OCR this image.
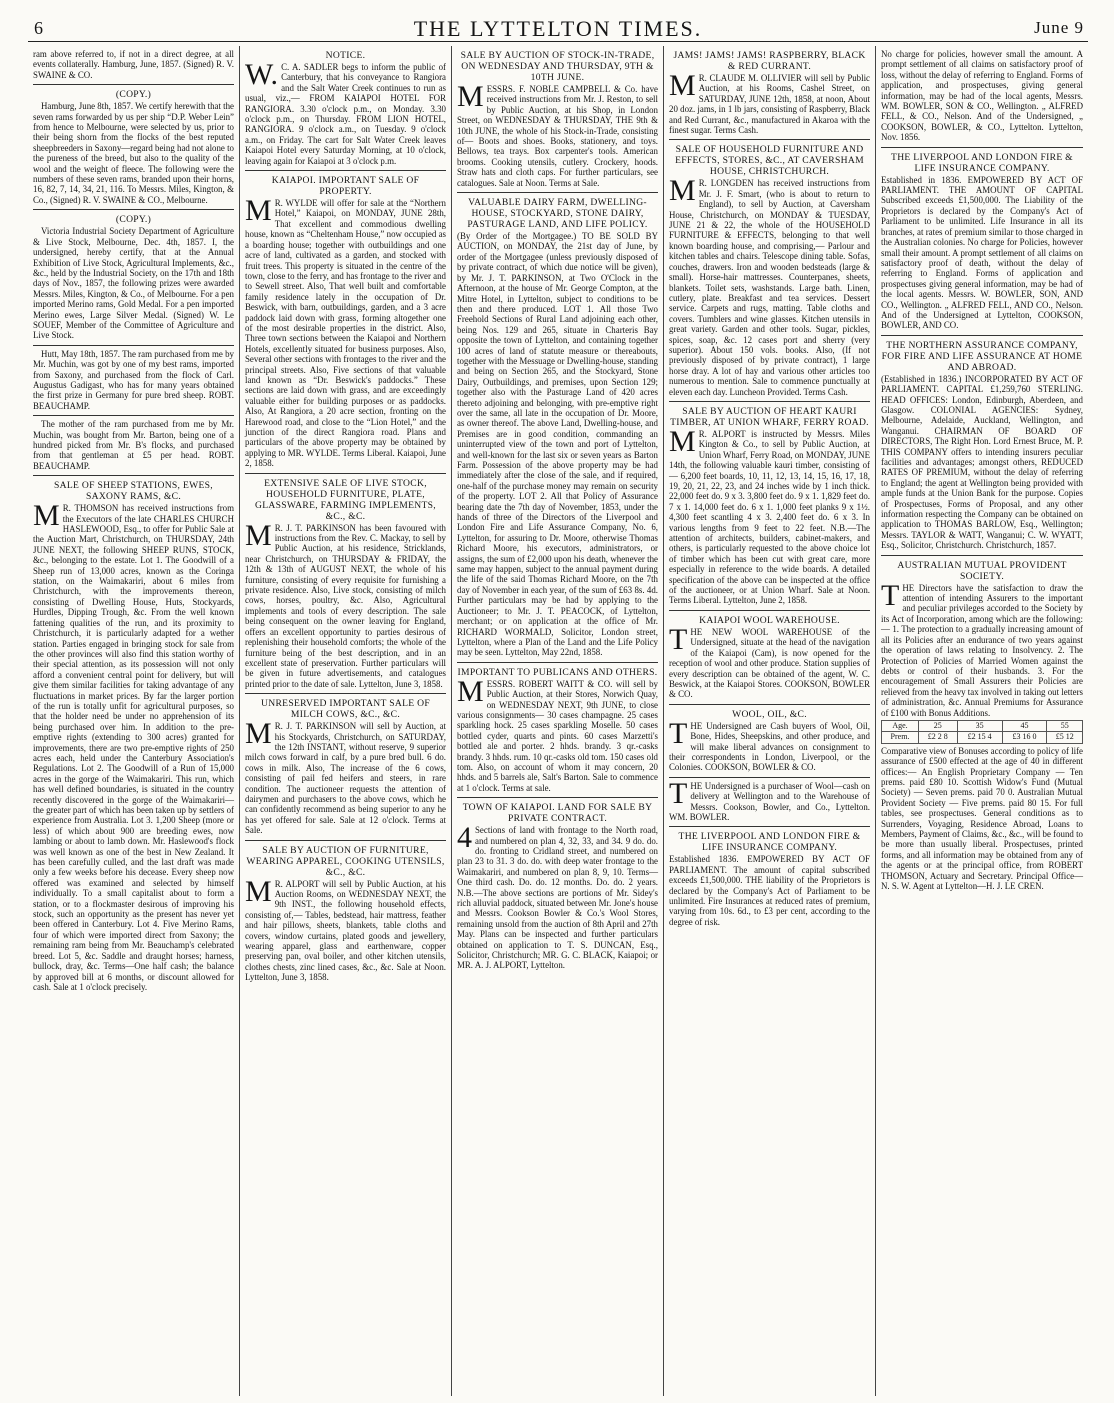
6	THE LYTTELTON TIMES.	June 9

ram above referred to, if not in a direct degree, at all events collaterally. Hamburg, June, 1857. (Signed) R. V. SWAINE & CO.

(COPY.)

Hamburg, June 8th, 1857. We certify herewith that the seven rams forwarded by us per ship “D.P. Weber Lein” from hence to Melbourne, were selected by us, prior to their being shorn from the flocks of the best reputed sheepbreeders in Saxony—regard being had not alone to the pureness of the breed, but also to the quality of the wool and the weight of fleece. The following were the numbers of these seven rams, branded upon their horns, 16, 82, 7, 14, 34, 21, 116. To Messrs. Miles, Kington, & Co., (Signed) R. V. SWAINE & CO., Melbourne.

(COPY.)

Victoria Industrial Society Department of Agriculture & Live Stock, Melbourne, Dec. 4th, 1857. I, the undersigned, hereby certify, that at the Annual Exhibition of Live Stock, Agricultural Implements, &c., &c., held by the Industrial Society, on the 17th and 18th days of Nov., 1857, the following prizes were awarded Messrs. Miles, Kington, & Co., of Melbourne. For a pen imported Merino rams, Gold Medal. For a pen imported Merino ewes, Large Silver Medal. (Signed) W. Le SOUEF, Member of the Committee of Agriculture and Live Stock.

Hutt, May 18th, 1857. The ram purchased from me by Mr. Muchin, was got by one of my best rams, imported from Saxony, and purchased from the flock of Carl. Augustus Gadigast, who has for many years obtained the first prize in Germany for pure bred sheep. ROBT. BEAUCHAMP.

The mother of the ram purchased from me by Mr. Muchin, was bought from Mr. Barton, being one of a hundred picked from Mr. B's flocks, and purchased from that gentleman at £5 per head. ROBT. BEAUCHAMP.

SALE OF SHEEP STATIONS, EWES, SAXONY RAMS, &C.

MR. THOMSON has received instructions from the Executors of the late CHARLES CHURCH HASLEWOOD, Esq., to offer for Public Sale at the Auction Mart, Christchurch, on THURSDAY, 24th JUNE NEXT, the following SHEEP RUNS, STOCK, &c., belonging to the estate. Lot 1. The Goodwill of a Sheep run of 13,000 acres, known as the Coringa station, on the Waimakariri, about 6 miles from Christchurch, with the improvements thereon, consisting of Dwelling House, Huts, Stockyards, Hurdles, Dipping Trough, &c. From the well known fattening qualities of the run, and its proximity to Christchurch, it is particularly adapted for a wether station. Parties engaged in bringing stock for sale from the other provinces will also find this station worthy of their special attention, as its possession will not only afford a convenient central point for delivery, but will give them similar facilities for taking advantage of any fluctuations in market prices. By far the larger portion of the run is totally unfit for agricultural purposes, so that the holder need be under no apprehension of its being purchased over him. In addition to the pre-emptive rights (extending to 300 acres) granted for improvements, there are two pre-emptive rights of 250 acres each, held under the Canterbury Association's Regulations. Lot 2. The Goodwill of a Run of 15,000 acres in the gorge of the Waimakariri. This run, which has well defined boundaries, is situated in the country recently discovered in the gorge of the Waimakariri—the greater part of which has been taken up by settlers of experience from Australia. Lot 3. 1,200 Sheep (more or less) of which about 900 are breeding ewes, now lambing or about to lamb down. Mr. Haslewood's flock was well known as one of the best in New Zealand. It has been carefully culled, and the last draft was made only a few weeks before his decease. Every sheep now offered was examined and selected by himself individually. To a small capitalist about to form a station, or to a flockmaster desirous of improving his stock, such an opportunity as the present has never yet been offered in Canterbury. Lot 4. Five Merino Rams, four of which were imported direct from Saxony; the remaining ram being from Mr. Beauchamp's celebrated breed. Lot 5, &c. Saddle and draught horses; harness, bullock, dray, &c. Terms—One half cash; the balance by approved bill at 6 months, or discount allowed for cash. Sale at 1 o'clock precisely.

NOTICE.

W.C. A. SADLER begs to inform the public of Canterbury, that his conveyance to Rangiora and the Salt Water Creek continues to run as usual, viz.,— FROM KAIAPOI HOTEL FOR RANGIORA. 3.30 o'clock p.m., on Monday. 3.30 o'clock p.m., on Thursday. FROM LION HOTEL, RANGIORA. 9 o'clock a.m., on Tuesday. 9 o'clock a.m., on Friday. The cart for Salt Water Creek leaves Kaiapoi Hotel every Saturday Morning, at 10 o'clock, leaving again for Kaiapoi at 3 o'clock p.m.

KAIAPOI. IMPORTANT SALE OF PROPERTY.

MR. WYLDE will offer for sale at the “Northern Hotel,” Kaiapoi, on MONDAY, JUNE 28th, That excellent and commodious dwelling house, known as “Cheltenham House,” now occupied as a boarding house; together with outbuildings and one acre of land, cultivated as a garden, and stocked with fruit trees. This property is situated in the centre of the town, close to the ferry, and has frontage to the river and to Sewell street. Also, That well built and comfortable family residence lately in the occupation of Dr. Beswick, with barn, outbuildings, garden, and a 3 acre paddock laid down with grass, forming altogether one of the most desirable properties in the district. Also, Three town sections between the Kaiapoi and Northern Hotels, excellently situated for business purposes. Also, Several other sections with frontages to the river and the principal streets. Also, Five sections of that valuable land known as “Dr. Beswick's paddocks.” These sections are laid down with grass, and are exceedingly valuable either for building purposes or as paddocks. Also, At Rangiora, a 20 acre section, fronting on the Harewood road, and close to the “Lion Hotel,” and the junction of the direct Rangiora road. Plans and particulars of the above property may be obtained by applying to MR. WYLDE. Terms Liberal. Kaiapoi, June 2, 1858.

EXTENSIVE SALE OF LIVE STOCK, HOUSEHOLD FURNITURE, PLATE, GLASSWARE, FARMING IMPLEMENTS, &C., &C.

MR. J. T. PARKINSON has been favoured with instructions from the Rev. C. Mackay, to sell by Public Auction, at his residence, Stricklands, near Christchurch, on THURSDAY & FRIDAY, the 12th & 13th of AUGUST NEXT, the whole of his furniture, consisting of every requisite for furnishing a private residence. Also, Live stock, consisting of milch cows, horses, poultry, &c. Also, Agricultural implements and tools of every description. The sale being consequent on the owner leaving for England, offers an excellent opportunity to parties desirous of replenishing their household comforts; the whole of the furniture being of the best description, and in an excellent state of preservation. Further particulars will be given in future advertisements, and catalogues printed prior to the date of sale. Lyttelton, June 3, 1858.

UNRESERVED IMPORTANT SALE OF MILCH COWS, &C., &C.

MR. J. T. PARKINSON will sell by Auction, at his Stockyards, Christchurch, on SATURDAY, the 12th INSTANT, without reserve, 9 superior milch cows forward in calf, by a pure bred bull. 6 do. cows in milk. Also, The increase of the 6 cows, consisting of pail fed heifers and steers, in rare condition. The auctioneer requests the attention of dairymen and purchasers to the above cows, which he can confidently recommend as being superior to any he has yet offered for sale. Sale at 12 o'clock. Terms at Sale.

SALE BY AUCTION OF FURNITURE, WEARING APPAREL, COOKING UTENSILS, &C., &C.

MR. ALPORT will sell by Public Auction, at his Auction Rooms, on WEDNESDAY NEXT, the 9th INST., the following household effects, consisting of,— Tables, bedstead, hair mattress, feather and hair pillows, sheets, blankets, table cloths and covers, window curtains, plated goods and jewellery, wearing apparel, glass and earthenware, copper preserving pan, oval boiler, and other kitchen utensils, clothes chests, zinc lined cases, &c., &c. Sale at Noon. Lyttelton, June 3, 1858.

SALE BY AUCTION OF STOCK-IN-TRADE, ON WEDNESDAY AND THURSDAY, 9TH & 10TH JUNE.

MESSRS. F. NOBLE CAMPBELL & Co. have received instructions from Mr. J. Reston, to sell by Public Auction, at his Shop, in London Street, on WEDNESDAY & THURSDAY, THE 9th & 10th JUNE, the whole of his Stock-in-Trade, consisting of— Boots and shoes. Books, stationery, and toys. Bellows, tea trays. Box carpenter's tools. American brooms. Cooking utensils, cutlery. Crockery, hoods. Straw hats and cloth caps. For further particulars, see catalogues. Sale at Noon. Terms at Sale.

VALUABLE DAIRY FARM, DWELLING-HOUSE, STOCKYARD, STONE DAIRY, PASTURAGE LAND, AND LIFE POLICY.

(By Order of the Mortgagee.) TO BE SOLD BY AUCTION, on MONDAY, the 21st day of June, by order of the Mortgagee (unless previously disposed of by private contract, of which due notice will be given), by Mr. J. T. PARKINSON, at Two O'Clock in the Afternoon, at the house of Mr. George Compton, at the Mitre Hotel, in Lyttelton, subject to conditions to be then and there produced. LOT 1. All those Two Freehold Sections of Rural Land adjoining each other, being Nos. 129 and 265, situate in Charteris Bay opposite the town of Lyttelton, and containing together 100 acres of land of statute measure or thereabouts, together with the Messuage or Dwelling-house, standing and being on Section 265, and the Stockyard, Stone Dairy, Outbuildings, and premises, upon Section 129; together also with the Pasturage Land of 420 acres thereto adjoining and belonging, with pre-emptive right over the same, all late in the occupation of Dr. Moore, as owner thereof. The above Land, Dwelling-house, and Premises are in good condition, commanding an uninterrupted view of the town and port of Lyttelton, and well-known for the last six or seven years as Barton Farm. Possession of the above property may be had immediately after the close of the sale, and if required, one-half of the purchase money may remain on security of the property. LOT 2. All that Policy of Assurance bearing date the 7th day of November, 1853, under the hands of three of the Directors of the Liverpool and London Fire and Life Assurance Company, No. 6, Lyttelton, for assuring to Dr. Moore, otherwise Thomas Richard Moore, his executors, administrators, or assigns, the sum of £2,000 upon his death, whenever the same may happen, subject to the annual payment during the life of the said Thomas Richard Moore, on the 7th day of November in each year, of the sum of £63 8s. 4d. Further particulars may be had by applying to the Auctioneer; to Mr. J. T. PEACOCK, of Lyttelton, merchant; or on application at the office of Mr. RICHARD WORMALD, Solicitor, London street, Lyttelton, where a Plan of the Land and the Life Policy may be seen. Lyttelton, May 22nd, 1858.

IMPORTANT TO PUBLICANS AND OTHERS.

MESSRS. ROBERT WAITT & CO. will sell by Public Auction, at their Stores, Norwich Quay, on WEDNESDAY NEXT, 9th JUNE, to close various consignments— 30 cases champagne. 25 cases sparkling hock. 25 cases sparkling Moselle. 50 cases bottled cyder, quarts and pints. 60 cases Marzetti's bottled ale and porter. 2 hhds. brandy. 3 qr.-casks brandy. 3 hhds. rum. 10 qr.-casks old tom. 150 cases old tom. Also, on account of whom it may concern, 20 hhds. and 5 barrels ale, Salt's Barton. Sale to commence at 1 o'clock. Terms at sale.

TOWN OF KAIAPOI. LAND FOR SALE BY PRIVATE CONTRACT.

4Sections of land with frontage to the North road, and numbered on plan 4, 32, 33, and 34. 9 do. do. do. fronting to Cridland street, and numbered on plan 23 to 31. 3 do. do. with deep water frontage to the Waimakariri, and numbered on plan 8, 9, 10. Terms—One third cash. Do. do. 12 months. Do. do. 2 years. N.B.—The above sections are portions of Mr. Sidey's rich alluvial paddock, situated between Mr. Jone's house and Messrs. Cookson Bowler & Co.'s Wool Stores, remaining unsold from the auction of 8th April and 27th May. Plans can be inspected and further particulars obtained on application to T. S. DUNCAN, Esq., Solicitor, Christchurch; MR. G. C. BLACK, Kaiapoi; or MR. A. J. ALPORT, Lyttelton.

JAMS! JAMS! JAMS! RASPBERRY, BLACK & RED CURRANT.

MR. CLAUDE M. OLLIVIER will sell by Public Auction, at his Rooms, Cashel Street, on SATURDAY, JUNE 12th, 1858, at noon, About 20 doz. jams, in 1 lb jars, consisting of Raspberry, Black and Red Currant, &c., manufactured in Akaroa with the finest sugar. Terms Cash.

SALE OF HOUSEHOLD FURNITURE AND EFFECTS, STORES, &C., AT CAVERSHAM HOUSE, CHRISTCHURCH.

MR. LONGDEN has received instructions from Mr. J. F. Smart, (who is about to return to England), to sell by Auction, at Caversham House, Christchurch, on MONDAY & TUESDAY, JUNE 21 & 22, the whole of the HOUSEHOLD FURNITURE & EFFECTS, belonging to that well known boarding house, and comprising,— Parlour and kitchen tables and chairs. Telescope dining table. Sofas, couches, drawers. Iron and wooden bedsteads (large & small). Horse-hair mattresses. Counterpanes, sheets, blankets. Toilet sets, washstands. Large bath. Linen, cutlery, plate. Breakfast and tea services. Dessert service. Carpets and rugs, matting. Table cloths and covers. Tumblers and wine glasses. Kitchen utensils in great variety. Garden and other tools. Sugar, pickles, spices, soap, &c. 12 cases port and sherry (very superior). About 150 vols. books. Also, (If not previously disposed of by private contract), 1 large horse dray. A lot of hay and various other articles too numerous to mention. Sale to commence punctually at eleven each day. Luncheon Provided. Terms Cash.

SALE BY AUCTION OF HEART KAURI TIMBER, AT UNION WHARF, FERRY ROAD.

MR. ALPORT is instructed by Messrs. Miles Kington & Co., to sell by Public Auction, at Union Wharf, Ferry Road, on MONDAY, JUNE 14th, the following valuable kauri timber, consisting of— 6,200 feet boards, 10, 11, 12, 13, 14, 15, 16, 17, 18, 19, 20, 21, 22, 23, and 24 inches wide by 1 inch thick. 22,000 feet do. 9 x 3. 3,800 feet do. 9 x 1. 1,829 feet do. 7 x 1. 14,000 feet do. 6 x 1. 1,000 feet planks 9 x 1½. 4,300 feet scantling 4 x 3. 2,400 feet do. 6 x 3. In various lengths from 9 feet to 22 feet. N.B.—The attention of architects, builders, cabinet-makers, and others, is particularly requested to the above choice lot of timber which has been cut with great care, more especially in reference to the wide boards. A detailed specification of the above can be inspected at the office of the auctioneer, or at Union Wharf. Sale at Noon. Terms Liberal. Lyttelton, June 2, 1858.

KAIAPOI WOOL WAREHOUSE.

THE NEW WOOL WAREHOUSE of the Undersigned, situate at the head of the navigation of the Kaiapoi (Cam), is now opened for the reception of wool and other produce. Station supplies of every description can be obtained of the agent, W. C. Beswick, at the Kaiapoi Stores. COOKSON, BOWLER & CO.

WOOL, OIL, &C.

THE Undersigned are Cash buyers of Wool, Oil, Bone, Hides, Sheepskins, and other produce, and will make liberal advances on consignment to their correspondents in London, Liverpool, or the Colonies. COOKSON, BOWLER & CO.

THE Undersigned is a purchaser of Wool—cash on delivery at Wellington and to the Warehouse of Messrs. Cookson, Bowler, and Co., Lyttelton. WM. BOWLER.

THE LIVERPOOL AND LONDON FIRE & LIFE INSURANCE COMPANY.

Established 1836. EMPOWERED BY ACT OF PARLIAMENT. The amount of capital subscribed exceeds £1,500,000. THE liability of the Proprietors is declared by the Company's Act of Parliament to be unlimited. Fire Insurances at reduced rates of premium, varying from 10s. 6d., to £3 per cent, according to the degree of risk.

No charge for policies, however small the amount. A prompt settlement of all claims on satisfactory proof of loss, without the delay of referring to England. Forms of application, and prospectuses, giving general information, may be had of the local agents, Messrs. WM. BOWLER, SON & CO., Wellington. „ ALFRED FELL, & CO., Nelson. And of the Undersigned, „ COOKSON, BOWLER, & CO., Lyttelton. Lyttelton, Nov. 1856.

THE LIVERPOOL AND LONDON FIRE & LIFE INSURANCE COMPANY.

Established in 1836. EMPOWERED BY ACT OF PARLIAMENT. THE AMOUNT OF CAPITAL Subscribed exceeds £1,500,000. The Liability of the Proprietors is declared by the Company's Act of Parliament to be unlimited. Life Insurance in all its branches, at rates of premium similar to those charged in the Australian colonies. No charge for Policies, however small their amount. A prompt settlement of all claims on satisfactory proof of death, without the delay of referring to England. Forms of application and prospectuses giving general information, may be had of the local agents. Messrs. W. BOWLER, SON, AND CO., Wellington. „ ALFRED FELL, AND CO., Nelson. And of the Undersigned at Lyttelton, COOKSON, BOWLER, AND CO.

THE NORTHERN ASSURANCE COMPANY, FOR FIRE AND LIFE ASSURANCE AT HOME AND ABROAD.

(Established in 1836.) INCORPORATED BY ACT OF PARLIAMENT. CAPITAL £1,259,760 STERLING. HEAD OFFICES: London, Edinburgh, Aberdeen, and Glasgow. COLONIAL AGENCIES: Sydney, Melbourne, Adelaide, Auckland, Wellington, and Wanganui. CHAIRMAN OF BOARD OF DIRECTORS, The Right Hon. Lord Ernest Bruce, M. P. THIS COMPANY offers to intending insurers peculiar facilities and advantages; amongst others, REDUCED RATES OF PREMIUM, without the delay of referring to England; the agent at Wellington being provided with ample funds at the Union Bank for the purpose. Copies of Prospectuses, Forms of Proposal, and any other information respecting the Company can be obtained on application to THOMAS BARLOW, Esq., Wellington; Messrs. TAYLOR & WATT, Wanganui; C. W. WYATT, Esq., Solicitor, Christchurch. Christchurch, 1857.

AUSTRALIAN MUTUAL PROVIDENT SOCIETY.

THE Directors have the satisfaction to draw the attention of intending Assurers to the important and peculiar privileges accorded to the Society by its Act of Incorporation, among which are the following:— 1. The protection to a gradually increasing amount of all its Policies after an endurance of two years against the operation of laws relating to Insolvency. 2. The Protection of Policies of Married Women against the debts or control of their husbands. 3. For the encouragement of Small Assurers their Policies are relieved from the heavy tax involved in taking out letters of administration, &c. Annual Premiums for Assurance of £100 with Bonus Additions.

Age.	25	35	45	55
Prem.	£2 2 8	£2 15 4	£3 16 0	£5 12

Comparative view of Bonuses according to policy of life assurance of £500 effected at the age of 40 in different offices:— An English Proprietary Company — Ten prems. paid £80 10. Scottish Widow's Fund (Mutual Society) — Seven prems. paid 70 0. Australian Mutual Provident Society — Five prems. paid 80 15. For full tables, see prospectuses. General conditions as to Surrenders, Voyaging, Residence Abroad, Loans to Members, Payment of Claims, &c., &c., will be found to be more than usually liberal. Prospectuses, printed forms, and all information may be obtained from any of the agents or at the principal office, from ROBERT THOMSON, Actuary and Secretary. Principal Office—N. S. W. Agent at Lyttelton—H. J. LE CREN.
